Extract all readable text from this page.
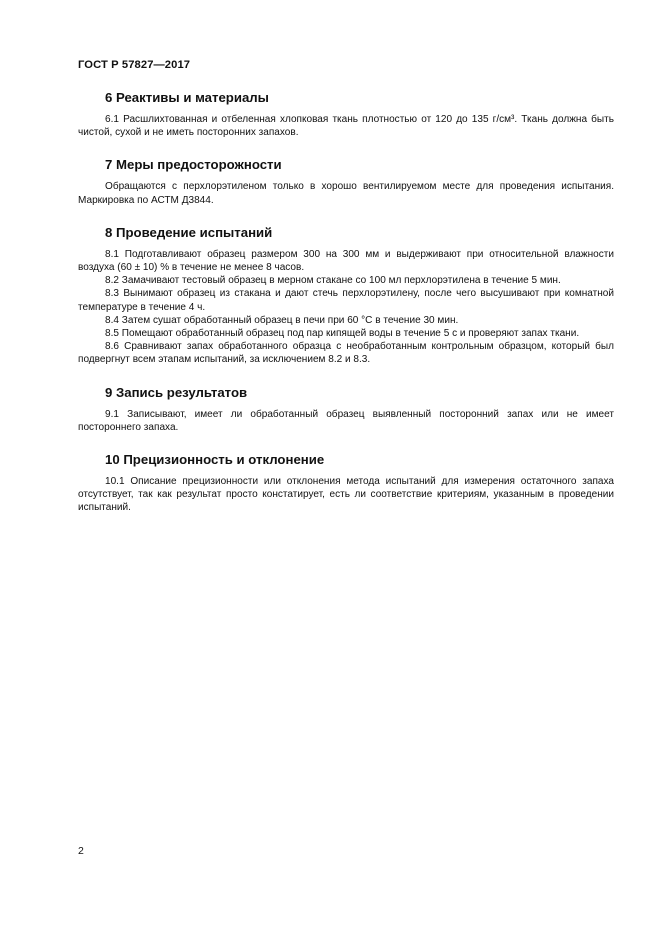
ГОСТ Р 57827—2017
6 Реактивы и материалы

6.1 Расшлихтованная и отбеленная хлопковая ткань плотностью от 120 до 135 г/см³. Ткань должна быть чистой, сухой и не иметь посторонних запахов.

7 Меры предосторожности

Обращаются с перхлорэтиленом только в хорошо вентилируемом месте для проведения испытания. Маркировка по АСТМ Д3844.

8 Проведение испытаний

8.1 Подготавливают образец размером 300 на 300 мм и выдерживают при относительной влажности воздуха (60 ± 10) % в течение не менее 8 часов.

8.2 Замачивают тестовый образец в мерном стакане со 100 мл перхлорэтилена в течение 5 мин.

8.3 Вынимают образец из стакана и дают стечь перхлорэтилену, после чего высушивают при комнатной температуре в течение 4 ч.

8.4 Затем сушат обработанный образец в печи при 60 °C в течение 30 мин.

8.5 Помещают обработанный образец под пар кипящей воды в течение 5 с и проверяют запах ткани.

8.6 Сравнивают запах обработанного образца с необработанным контрольным образцом, который был подвергнут всем этапам испытаний, за исключением 8.2 и 8.3.

9 Запись результатов

9.1 Записывают, имеет ли обработанный образец выявленный посторонний запах или не имеет постороннего запаха.

10 Прецизионность и отклонение

10.1 Описание прецизионности или отклонения метода испытаний для измерения остаточного запаха отсутствует, так как результат просто констатирует, есть ли соответствие критериям, указанным в проведении испытаний.

2
